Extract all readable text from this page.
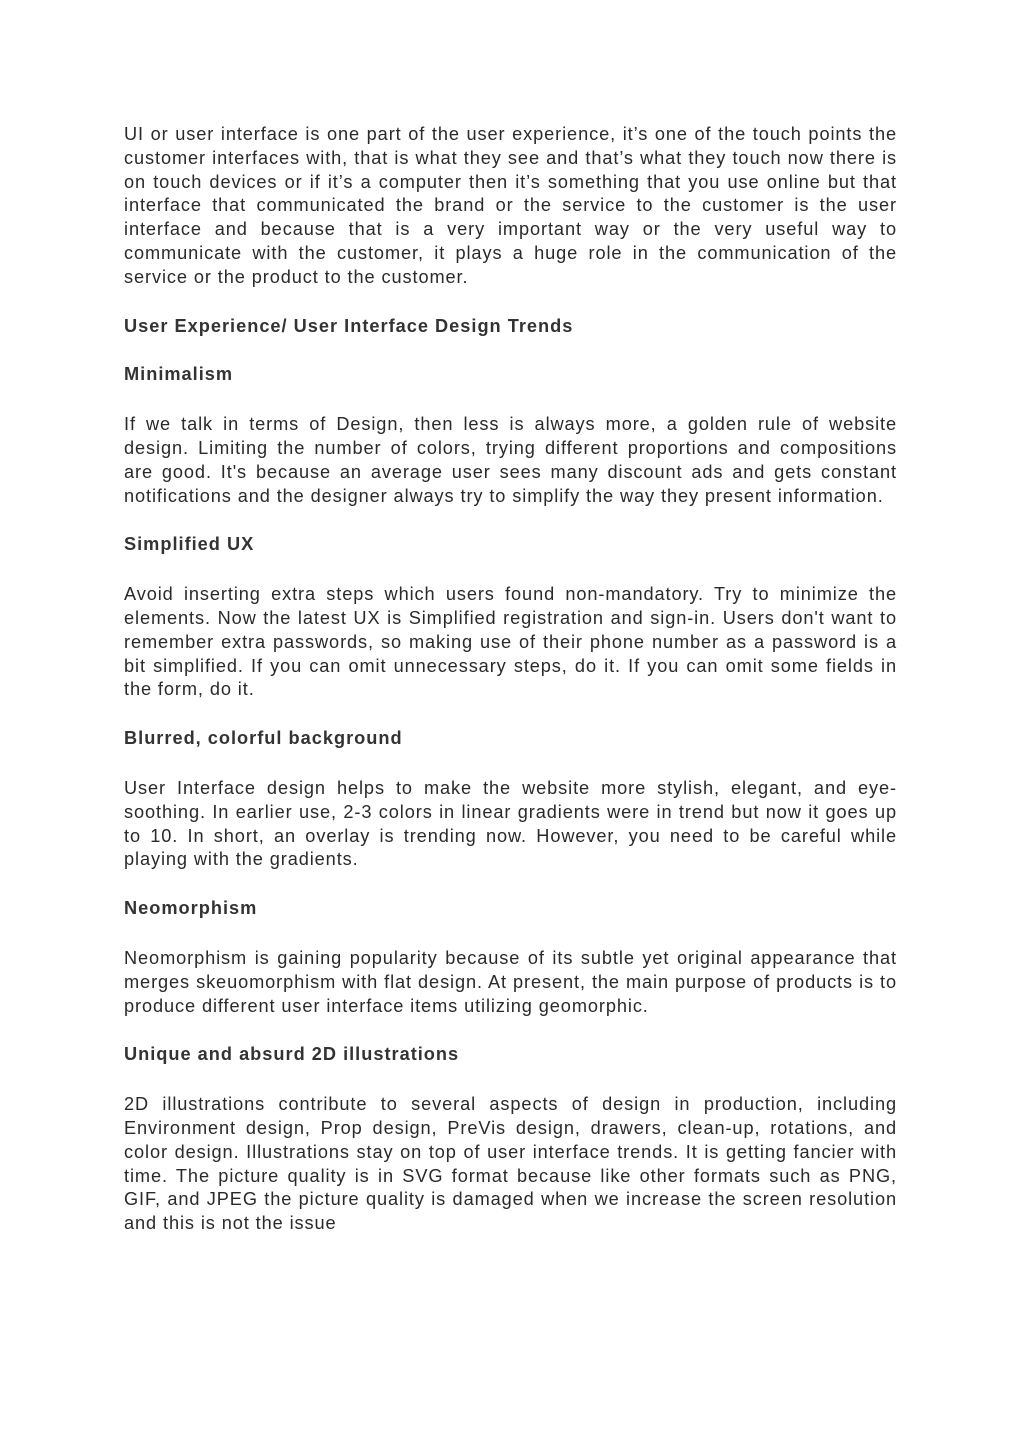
UI or user interface is one part of the user experience, it’s one of the touch points the customer interfaces with, that is what they see and that’s what they touch now there is on touch devices or if it’s a computer then it’s something that you use online but that interface that communicated the brand or the service to the customer is the user interface and because that is a very important way or the very useful way to communicate with the customer, it plays a huge role in the communication of the service or the product to the customer.

User Experience/ User Interface Design Trends

Minimalism

If we talk in terms of Design, then less is always more, a golden rule of website design. Limiting the number of colors, trying different proportions and compositions are good. It's because an average user sees many discount ads and gets constant notifications and the designer always try to simplify the way they present information.

Simplified UX

Avoid inserting extra steps which users found non-mandatory. Try to minimize the elements. Now the latest UX is Simplified registration and sign-in. Users don't want to remember extra passwords, so making use of their phone number as a password is a bit simplified. If you can omit unnecessary steps, do it. If you can omit some fields in the form, do it.

Blurred, colorful background

User Interface design helps to make the website more stylish, elegant, and eye-soothing. In earlier use, 2-3 colors in linear gradients were in trend but now it goes up to 10. In short, an overlay is trending now. However, you need to be careful while playing with the gradients.

Neomorphism

Neomorphism is gaining popularity because of its subtle yet original appearance that merges skeuomorphism with flat design. At present, the main purpose of products is to produce different user interface items utilizing geomorphic.

Unique and absurd 2D illustrations

2D illustrations contribute to several aspects of design in production, including Environment design, Prop design, PreVis design, drawers, clean-up, rotations, and color design. Illustrations stay on top of user interface trends. It is getting fancier with time. The picture quality is in SVG format because like other formats such as PNG, GIF, and JPEG the picture quality is damaged when we increase the screen resolution and this is not the issue
